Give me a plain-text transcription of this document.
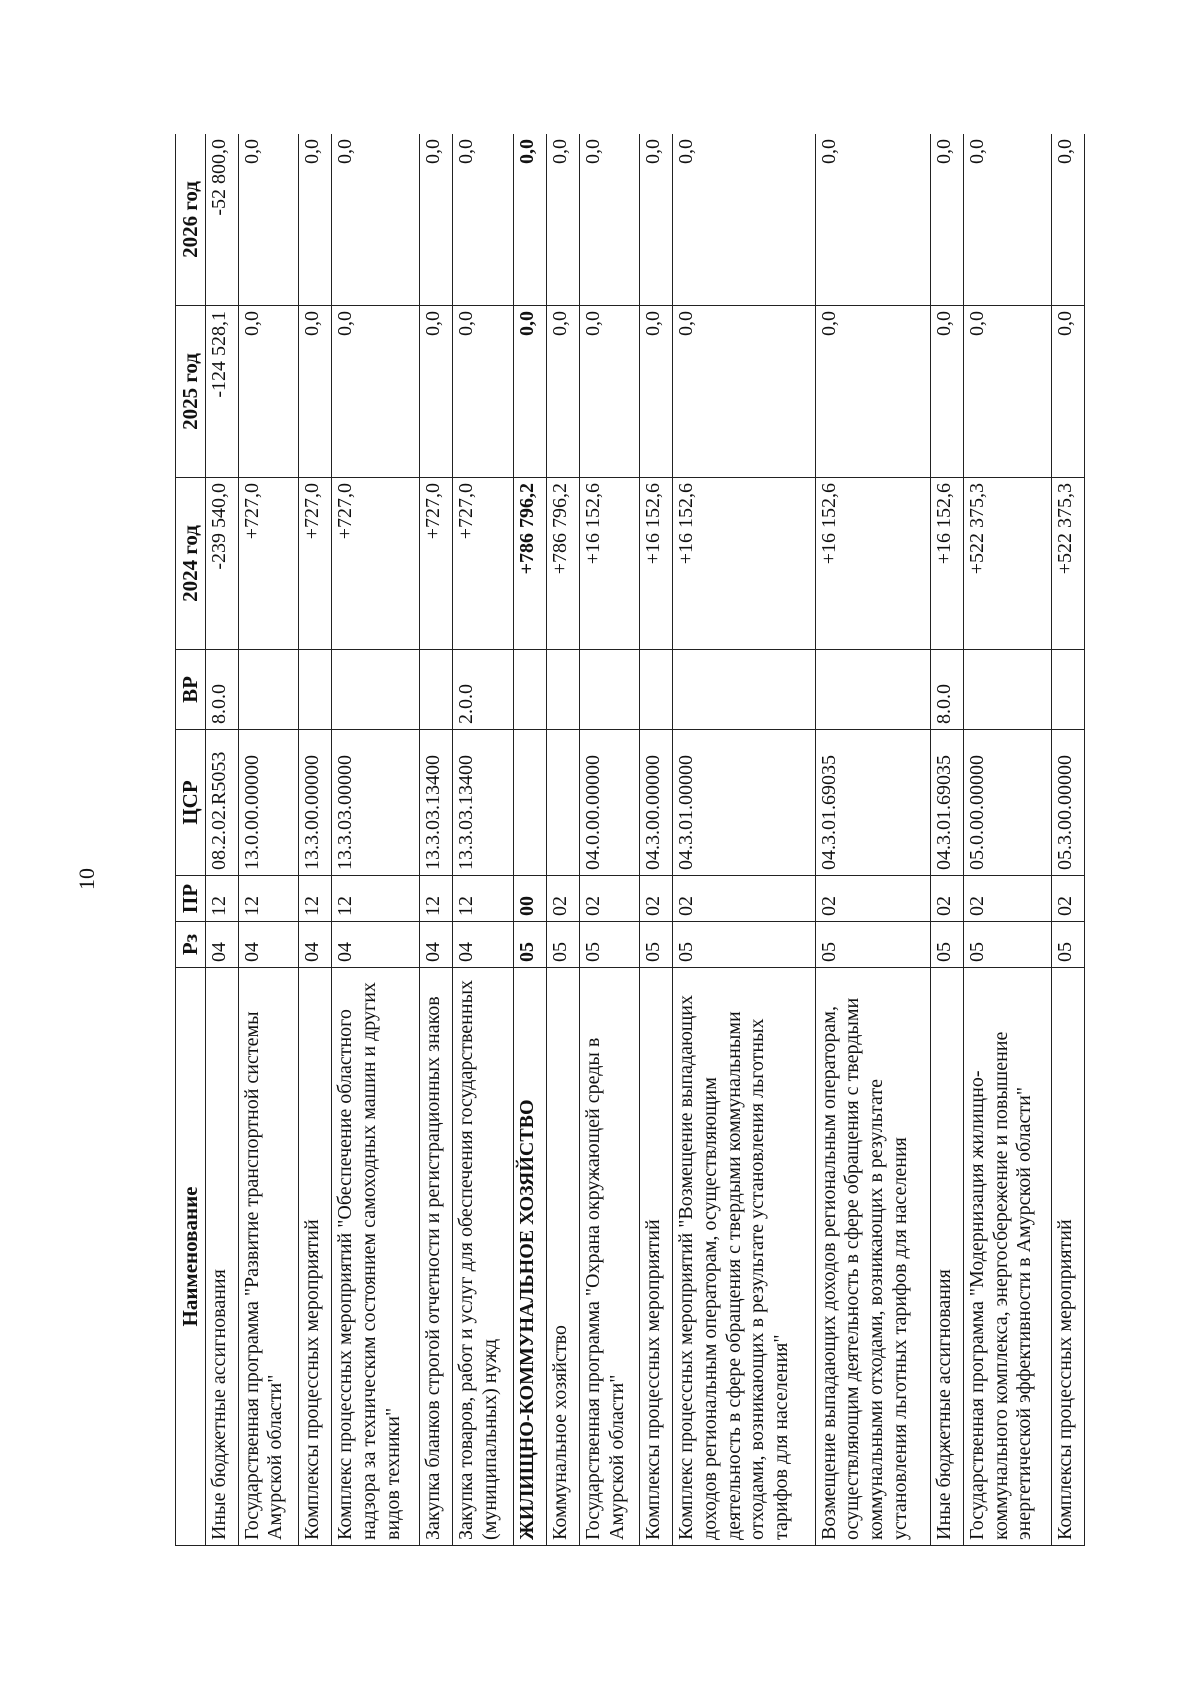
10
Наименование	Рз	ПР	ЦСР	ВР	2024 год	2025 год	2026 год
Иные бюджетные ассигнования	04	12	08.2.02.R5053	8.0.0	-239 540,0	-124 528,1	-52 800,0
Государственная программа "Развитие транспортной системы Амурской области"	04	12	13.0.00.00000		+727,0	0,0	0,0
Комплексы процессных мероприятий	04	12	13.3.00.00000		+727,0	0,0	0,0
Комплекс процессных мероприятий "Обеспечение областного надзора за техническим состоянием самоходных машин и других видов техники"	04	12	13.3.03.00000		+727,0	0,0	0,0
Закупка бланков строгой отчетности и регистрационных знаков	04	12	13.3.03.13400		+727,0	0,0	0,0
Закупка товаров, работ и услуг для обеспечения государственных (муниципальных) нужд	04	12	13.3.03.13400	2.0.0	+727,0	0,0	0,0
ЖИЛИЩНО-КОММУНАЛЬНОЕ ХОЗЯЙСТВО	05	00			+786 796,2	0,0	0,0
Коммунальное хозяйство	05	02			+786 796,2	0,0	0,0
Государственная программа "Охрана окружающей среды в Амурской области"	05	02	04.0.00.00000		+16 152,6	0,0	0,0
Комплексы процессных мероприятий	05	02	04.3.00.00000		+16 152,6	0,0	0,0
Комплекс процессных мероприятий "Возмещение выпадающих доходов региональным операторам, осуществляющим деятельность в сфере обращения с твердыми коммунальными отходами, возникающих в результате установления льготных тарифов для населения"	05	02	04.3.01.00000		+16 152,6	0,0	0,0
Возмещение выпадающих доходов региональным операторам, осуществляющим деятельность в сфере обращения с твердыми коммунальными отходами, возникающих в результате установления льготных тарифов для населения	05	02	04.3.01.69035		+16 152,6	0,0	0,0
Иные бюджетные ассигнования	05	02	04.3.01.69035	8.0.0	+16 152,6	0,0	0,0
Государственная программа "Модернизация жилищно-коммунального комплекса, энергосбережение и повышение энергетической эффективности в Амурской области"	05	02	05.0.00.00000		+522 375,3	0,0	0,0
Комплексы процессных мероприятий	05	02	05.3.00.00000		+522 375,3	0,0	0,0
